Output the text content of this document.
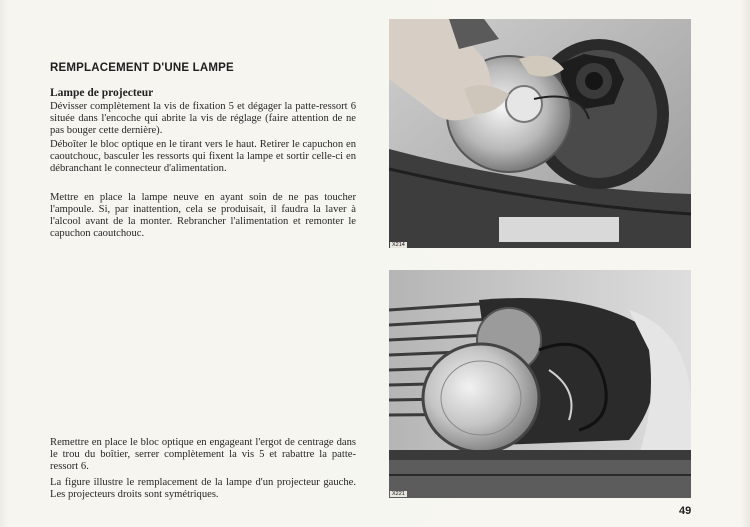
REMPLACEMENT D'UNE LAMPE
Lampe de projecteur

Dévisser complètement la vis de fixation 5 et dégager la patte-ressort 6 située dans l'encoche qui abrite la vis de réglage (faire attention de ne pas bouger cette dernière).

Déboîter le bloc optique en le tirant vers le haut. Retirer le capuchon en caoutchouc, basculer les ressorts qui fixent la lampe et sortir celle-ci en débranchant le connecteur d'alimentation.

Mettre en place la lampe neuve en ayant soin de ne pas toucher l'ampoule. Si, par inattention, cela se produisait, il faudra la laver à l'alcool avant de la monter. Rebrancher l'alimentation et remonter le capuchon caoutchouc.

Remettre en place le bloc optique en engageant l'ergot de centrage dans le trou du boîtier, serrer complètement la vis 5 et rabattre la patte-ressort 6.

La figure illustre le remplacement de la lampe d'un projecteur gauche. Les projecteurs droits sont symétriques.

X214
X221
49
